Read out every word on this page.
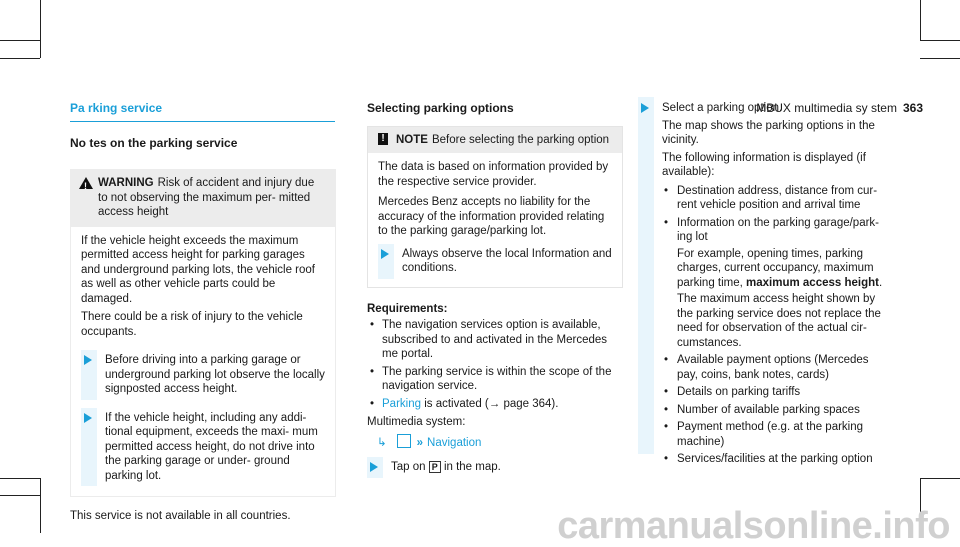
MBUX multimedia sy stem 363
Pa rking service
No tes on the parking service
! WARNING Risk of accident and injury due to not observing the maximum per‐ mitted access height

If the vehicle height exceeds the maximum permitted access height for parking garages and underground parking lots, the vehicle roof as well as other vehicle parts could be damaged.

There could be a risk of injury to the vehicle occupants.

Before driving into a parking garage or underground parking lot observe the locally signposted access height.
If the vehicle height, including any addi‐ tional equipment, exceeds the maxi‐ mum permitted access height, do not drive into the parking garage or under‐ ground parking lot.
This service is not available in all countries.
Selecting parking options
! NOTE Before selecting the parking option

The data is based on information provided by the respective service provider.

Mercedes Benz accepts no liability for the accuracy of the information provided relating to the parking garage/parking lot.

Always observe the local Information and conditions.
Requirements:
• The navigation services option is available, subscribed to and activated in the Mercedes me portal.
• The parking service is within the scope of the navigation service.
• Parking is activated (→ page 364).
Multimedia system:
↳	» Navigation
Tap on P in the map.

Select a parking option.

The map shows the parking options in the vicinity.

The following information is displayed (if available):

• Destination address, distance from cur‐ rent vehicle position and arrival time
• Information on the parking garage/park‐ ing lot
For example, opening times, parking charges, current occupancy, maximum parking time, maximum access height.
The maximum access height shown by the parking service does not replace the need for observation of the actual cir‐ cumstances.
• Available payment options (Mercedes pay, coins, bank notes, cards)
• Details on parking tariffs
• Number of available parking spaces
• Payment method (e.g. at the parking machine)
• Services/facilities at the parking option
carmanualsonline.info
